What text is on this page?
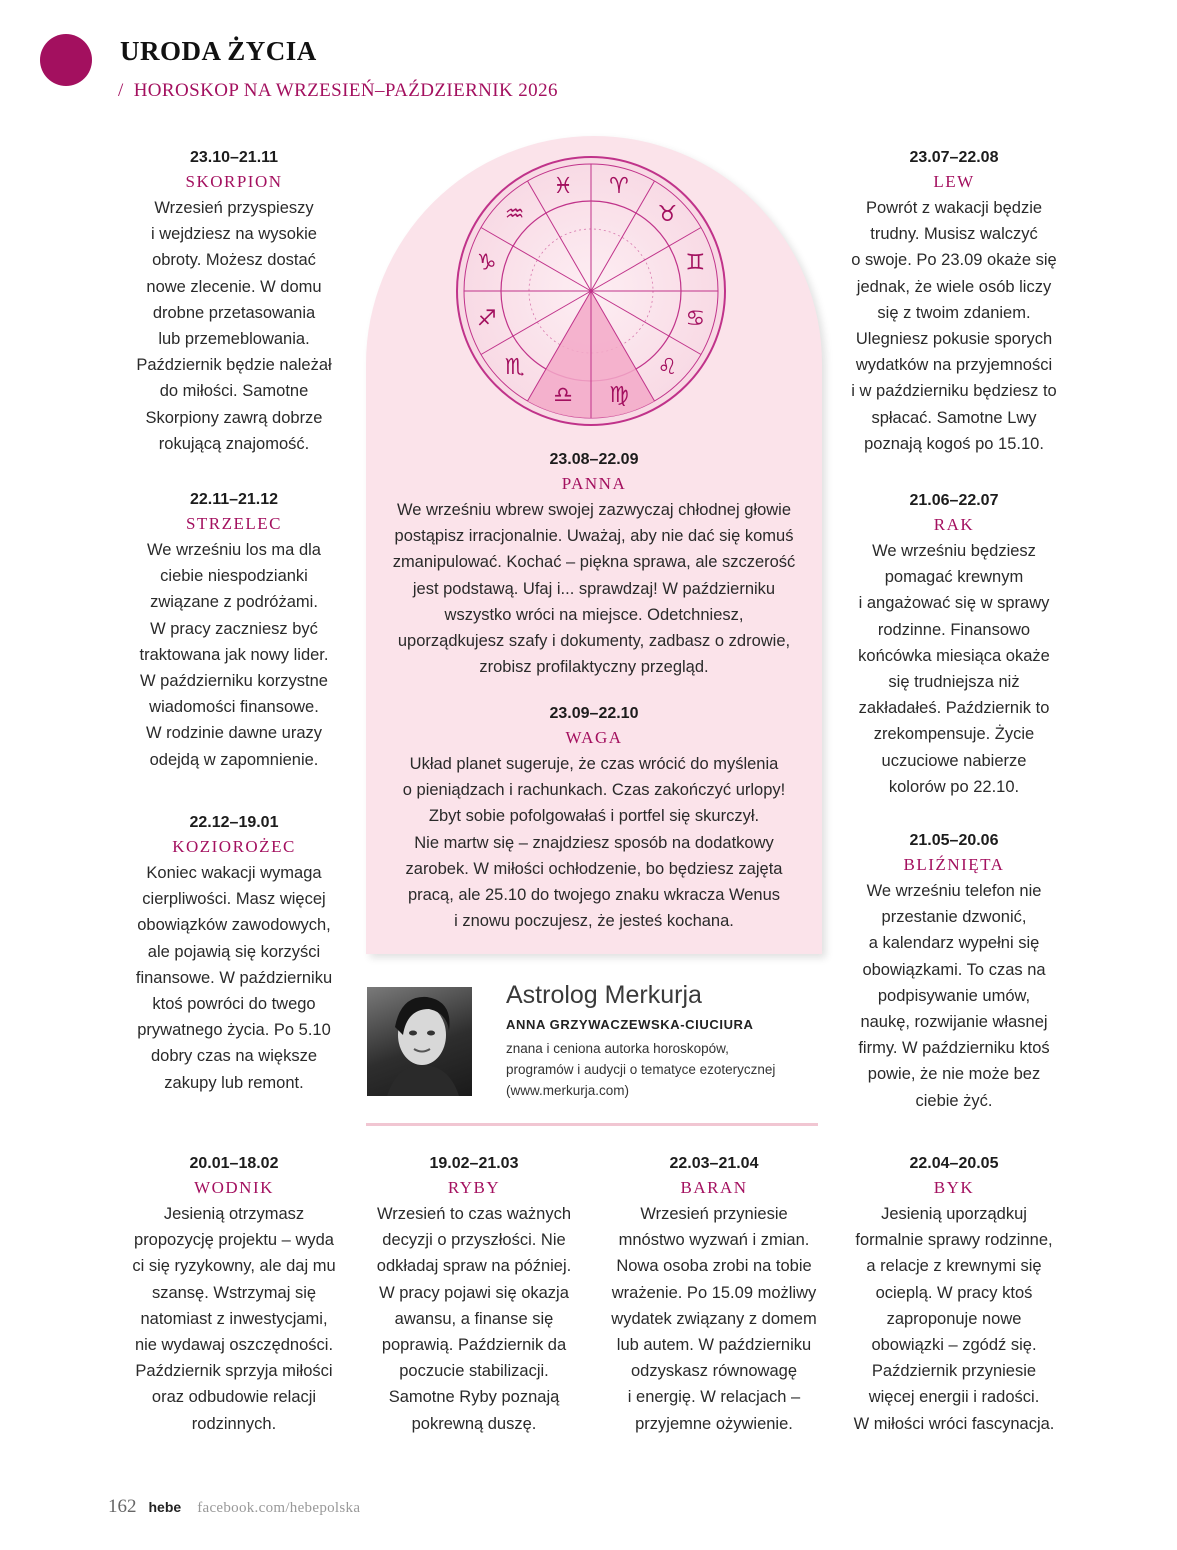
URODA ŻYCIA
/ HOROSKOP NA WRZESIEŃ–PAŹDZIERNIK 2026
♈︎
♉︎
♊︎
♋︎
♌︎
♍︎
♎︎
♏︎
♐︎
♑︎
♒︎
♓︎
23.10–21.11
SKORPION
Wrzesień przyspieszy
i wejdziesz na wysokie
obroty. Możesz dostać
nowe zlecenie. W domu
drobne przetasowania
lub przemeblowania.
Październik będzie należał
do miłości. Samotne
Skorpiony zawrą dobrze
rokującą znajomość.
22.11–21.12
STRZELEC
We wrześniu los ma dla
ciebie niespodzianki
związane z podróżami.
W pracy zaczniesz być
traktowana jak nowy lider.
W październiku korzystne
wiadomości finansowe.
W rodzinie dawne urazy
odejdą w zapomnienie.
22.12–19.01
KOZIOROŻEC
Koniec wakacji wymaga
cierpliwości. Masz więcej
obowiązków zawodowych,
ale pojawią się korzyści
finansowe. W październiku
ktoś powróci do twego
prywatnego życia. Po 5.10
dobry czas na większe
zakupy lub remont.
23.07–22.08
LEW
Powrót z wakacji będzie
trudny. Musisz walczyć
o swoje. Po 23.09 okaże się
jednak, że wiele osób liczy
się z twoim zdaniem.
Ulegniesz pokusie sporych
wydatków na przyjemności
i w październiku będziesz to
spłacać. Samotne Lwy
poznają kogoś po 15.10.
21.06–22.07
RAK
We wrześniu będziesz
pomagać krewnym
i angażować się w sprawy
rodzinne. Finansowo
końcówka miesiąca okaże
się trudniejsza niż
zakładałeś. Październik to
zrekompensuje. Życie
uczuciowe nabierze
kolorów po 22.10.
21.05–20.06
BLIŹNIĘTA
We wrześniu telefon nie
przestanie dzwonić,
a kalendarz wypełni się
obowiązkami. To czas na
podpisywanie umów,
naukę, rozwijanie własnej
firmy. W październiku ktoś
powie, że nie może bez
ciebie żyć.
23.08–22.09
PANNA
We wrześniu wbrew swojej zazwyczaj chłodnej głowie
postąpisz irracjonalnie. Uważaj, aby nie dać się komuś
zmanipulować. Kochać – piękna sprawa, ale szczerość
jest podstawą. Ufaj i... sprawdzaj! W październiku
wszystko wróci na miejsce. Odetchniesz,
uporządkujesz szafy i dokumenty, zadbasz o zdrowie,
zrobisz profilaktyczny przegląd.
23.09–22.10
WAGA
Układ planet sugeruje, że czas wrócić do myślenia
o pieniądzach i rachunkach. Czas zakończyć urlopy!
Zbyt sobie pofolgowałaś i portfel się skurczył.
Nie martw się – znajdziesz sposób na dodatkowy
zarobek. W miłości ochłodzenie, bo będziesz zajęta
pracą, ale 25.10 do twojego znaku wkracza Wenus
i znowu poczujesz, że jesteś kochana.
Astrolog Merkurja
ANNA GRZYWACZEWSKA-CIUCIURA
znana i ceniona autorka horoskopów,
programów i audycji o tematyce ezoterycznej
(www.merkurja.com)
20.01–18.02
WODNIK
Jesienią otrzymasz
propozycję projektu – wyda
ci się ryzykowny, ale daj mu
szansę. Wstrzymaj się
natomiast z inwestycjami,
nie wydawaj oszczędności.
Październik sprzyja miłości
oraz odbudowie relacji
rodzinnych.
19.02–21.03
RYBY
Wrzesień to czas ważnych
decyzji o przyszłości. Nie
odkładaj spraw na później.
W pracy pojawi się okazja
awansu, a finanse się
poprawią. Październik da
poczucie stabilizacji.
Samotne Ryby poznają
pokrewną duszę.
22.03–21.04
BARAN
Wrzesień przyniesie
mnóstwo wyzwań i zmian.
Nowa osoba zrobi na tobie
wrażenie. Po 15.09 możliwy
wydatek związany z domem
lub autem. W październiku
odzyskasz równowagę
i energię. W relacjach –
przyjemne ożywienie.
22.04–20.05
BYK
Jesienią uporządkuj
formalnie sprawy rodzinne,
a relacje z krewnymi się
ocieplą. W pracy ktoś
zaproponuje nowe
obowiązki – zgódź się.
Październik przyniesie
więcej energii i radości.
W miłości wróci fascynacja.
162 hebe facebook.com/hebepolska
